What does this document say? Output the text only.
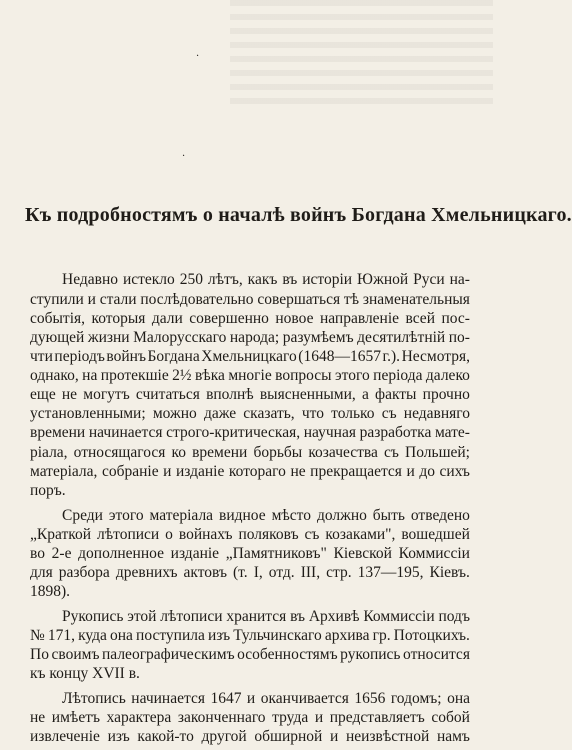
·
·
Къ подробностямъ о началѣ войнъ Богдана Хмельницкаго.
Недавно истекло 250 лѣтъ, какъ въ исторіи Южной Руси на-
ступили и стали послѣдовательно совершаться тѣ знаменательныя
событія, которыя дали совершенно новое направленіе всей пос-
дующей жизни Малорусскаго народа; разумѣемъ десятилѣтній по-
чти періодъ войнъ Богдана Хмельницкаго (1648—1657 г.). Несмотря,
однако, на протекшіе 2½ вѣка многіе вопросы этого періода далеко
еще не могутъ считаться вполнѣ выясненными, а факты прочно
установленными; можно даже сказать, что только съ недавняго
времени начинается строго-критическая, научная разработка мате-
ріала, относящагося ко времени борьбы козачества съ Польшей;
матеріала, собраніе и изданіе котораго не прекращается и до сихъ
поръ.
Среди этого матеріала видное мѣсто должно быть отведено
„Краткой лѣтописи о войнахъ поляковъ съ козаками", вошедшей
во 2-е дополненное изданіе „Памятниковъ" Кіевской Коммиссіи
для разбора древнихъ актовъ (т. І, отд. ІІІ, стр. 137—195, Кіевъ.
1898).
Рукопись этой лѣтописи хранится въ Архивѣ Коммиссіи подъ
№ 171, куда она поступила изъ Тульчинскаго архива гр. Потоцкихъ.
По своимъ палеографическимъ особенностямъ рукопись относится
къ концу XVII в.
Лѣтопись начинается 1647 и оканчивается 1656 годомъ; она
не имѣетъ характера законченнаго труда и представляетъ собой
извлеченіе изъ какой-то другой обширной и неизвѣстной намъ
